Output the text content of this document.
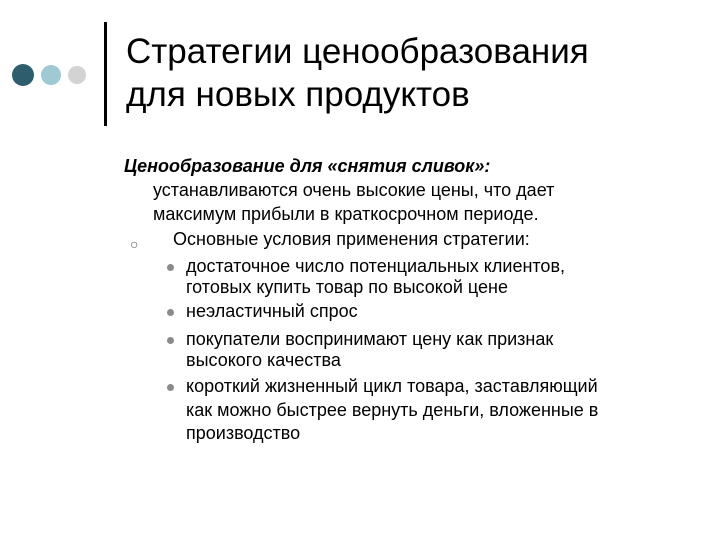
Стратегии ценообразования
для новых продуктов
Ценообразование для «снятия сливок»:
устанавливаются очень высокие цены, что дает
максимум прибыли в краткосрочном периоде.
○ Основные условия применения стратегии:
достаточное число потенциальных клиентов,
готовых купить товар по высокой цене
неэластичный спрос
покупатели воспринимают цену как признак
высокого качества
короткий жизненный цикл товара, заставляющий
как можно быстрее вернуть деньги, вложенные в
производство
